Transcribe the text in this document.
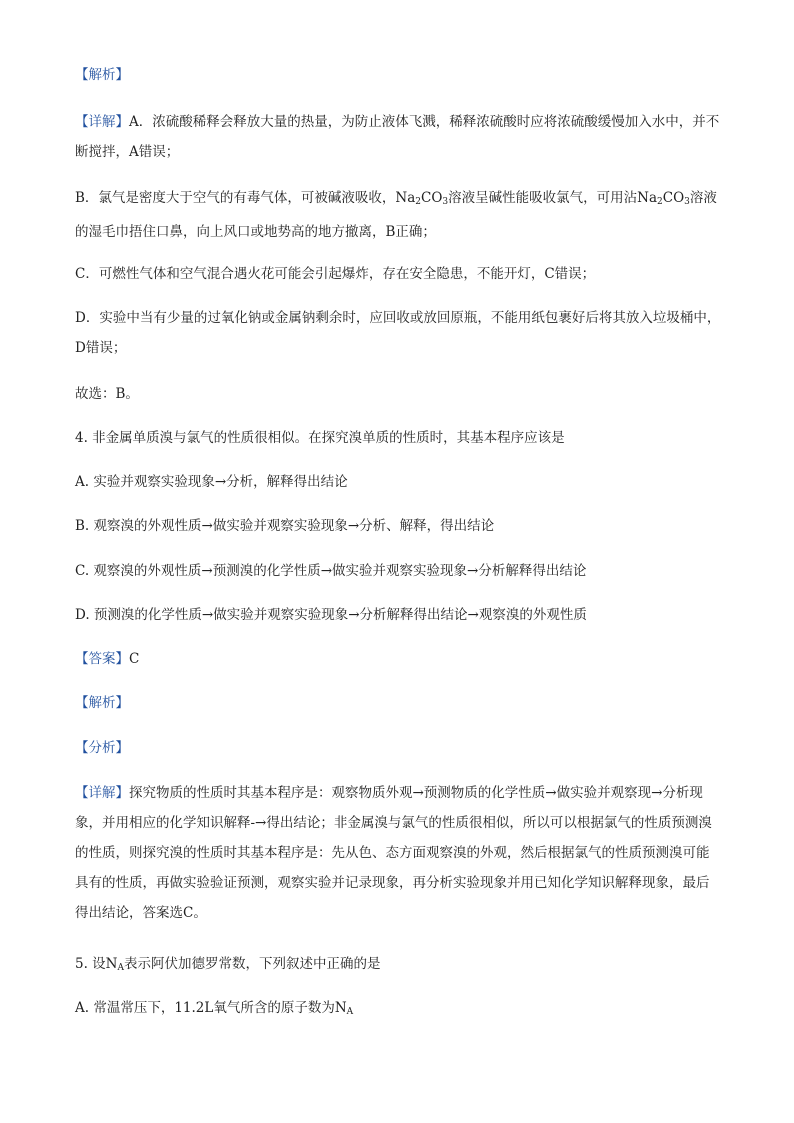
【解析】

【详解】A．浓硫酸稀释会释放大量的热量，为防止液体飞溅，稀释浓硫酸时应将浓硫酸缓慢加入水中，并不断搅拌，A错误；

B．氯气是密度大于空气的有毒气体，可被碱液吸收，$Na_2CO_3$溶液呈碱性能吸收氯气，可用沾$Na_2CO_3$溶液的湿毛巾捂住口鼻，向上风口或地势高的地方撤离，B正确；

C．可燃性气体和空气混合遇火花可能会引起爆炸，存在安全隐患，不能开灯，C错误；

D．实验中当有少量的过氧化钠或金属钠剩余时，应回收或放回原瓶，不能用纸包裹好后将其放入垃圾桶中，D错误；

故选：B。

4. 非金属单质溴与氯气的性质很相似。在探究溴单质的性质时，其基本程序应该是

A. 实验并观察实验现象→分析，解释得出结论

B. 观察溴的外观性质→做实验并观察实验现象→分析、解释，得出结论

C. 观察溴的外观性质→预测溴的化学性质→做实验并观察实验现象→分析解释得出结论

D. 预测溴的化学性质→做实验并观察实验现象→分析解释得出结论→观察溴的外观性质

【答案】C

【解析】

【分析】

【详解】探究物质的性质时其基本程序是：观察物质外观→预测物质的化学性质→做实验并观察现→分析现象，并用相应的化学知识解释-→得出结论；非金属溴与氯气的性质很相似，所以可以根据氯气的性质预测溴的性质，则探究溴的性质时其基本程序是：先从色、态方面观察溴的外观，然后根据氯气的性质预测溴可能具有的性质，再做实验验证预测，观察实验并记录现象，再分析实验现象并用已知化学知识解释现象，最后得出结论，答案选C。

5. 设$N_A$表示阿伏加德罗常数，下列叙述中正确的是

A. 常温常压下，11.2L氧气所含的原子数为$N_A$
